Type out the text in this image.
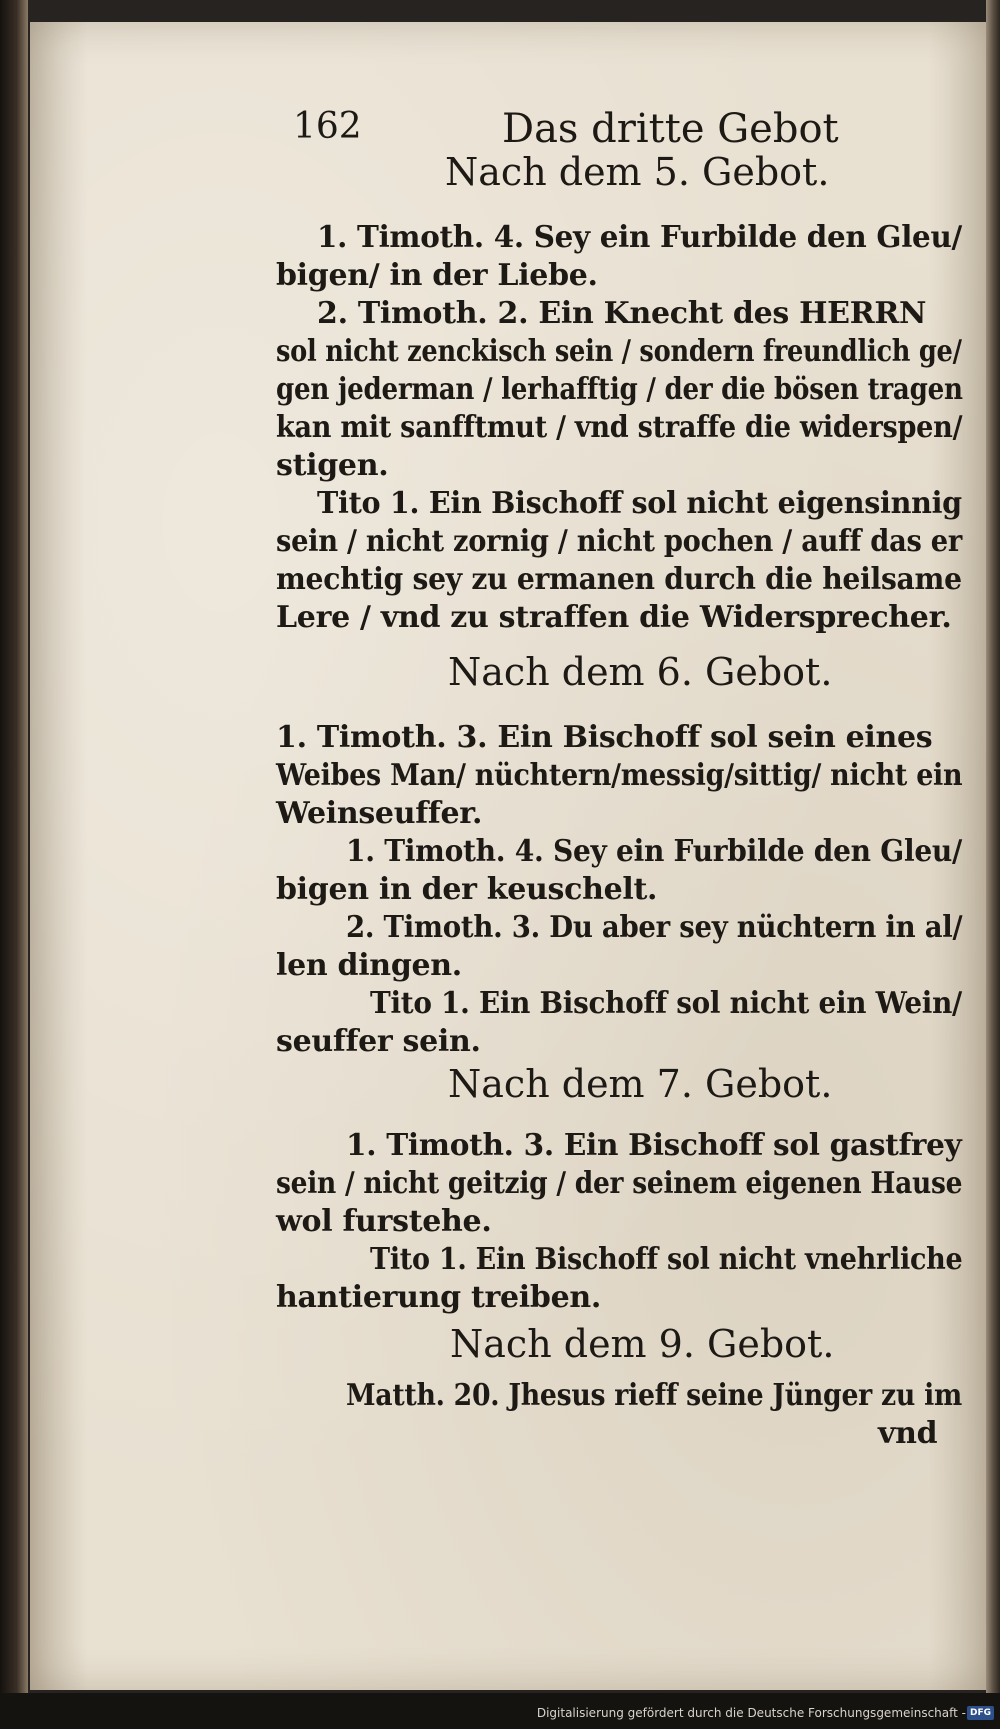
162	Das dritte Gebot
Nach dem 5. Gebot.
1. Timoth. 4. Sey ein Furbilde den Gleu/
bigen/ in der Liebe.
2. Timoth. 2. Ein Knecht des HERRN
sol nicht zenckisch sein / sondern freundlich ge/
gen jederman / lerhafftig / der die bösen tragen
kan mit sanfftmut / vnd straffe die widerspen/
stigen.
Tito 1. Ein Bischoff sol nicht eigensinnig
sein / nicht zornig / nicht pochen / auff das er
mechtig sey zu ermanen durch die heilsame
Lere / vnd zu straffen die Widersprecher.
Nach dem 6. Gebot.
1. Timoth. 3. Ein Bischoff sol sein eines
Weibes Man/ nüchtern/messig/sittig/ nicht ein
Weinseuffer.
1. Timoth. 4. Sey ein Furbilde den Gleu/
bigen in der keuschelt.
2. Timoth. 3. Du aber sey nüchtern in al/
len dingen.
Tito 1. Ein Bischoff sol nicht ein Wein/
seuffer sein.
Nach dem 7. Gebot.
1. Timoth. 3. Ein Bischoff sol gastfrey
sein / nicht geitzig / der seinem eigenen Hause
wol furstehe.
Tito 1. Ein Bischoff sol nicht vnehrliche
hantierung treiben.
Nach dem 9. Gebot.
Matth. 20. Jhesus rieff seine Jünger zu im
vnd
Digitalisierung gefördert durch die Deutsche Forschungsgemeinschaft - DFG
